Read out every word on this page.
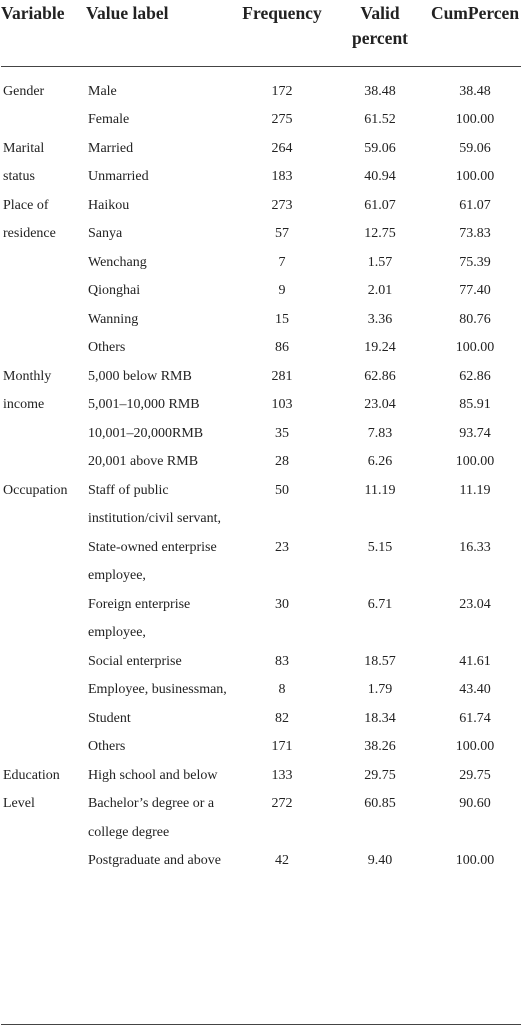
Variable	Value label	Frequency	Valid percent	CumPercen
Gender	Male	172	38.48	38.48
	Female	275	61.52	100.00
Marital	Married	264	59.06	59.06
status	Unmarried	183	40.94	100.00
Place of	Haikou	273	61.07	61.07
residence	Sanya	57	12.75	73.83
	Wenchang	7	1.57	75.39
	Qionghai	9	2.01	77.40
	Wanning	15	3.36	80.76
	Others	86	19.24	100.00
Monthly	5,000 below RMB	281	62.86	62.86
income	5,001–10,000 RMB	103	23.04	85.91
	10,001–20,000RMB	35	7.83	93.74
	20,001 above RMB	28	6.26	100.00
Occupation	Staff of public institution/civil servant,	50	11.19	11.19
	State-owned enterprise employee,	23	5.15	16.33
	Foreign enterprise employee,	30	6.71	23.04
	Social enterprise	83	18.57	41.61
	Employee, businessman,	8	1.79	43.40
	Student	82	18.34	61.74
	Others	171	38.26	100.00
Education	High school and below	133	29.75	29.75
Level	Bachelor’s degree or a college degree	272	60.85	90.60
	Postgraduate and above	42	9.40	100.00
